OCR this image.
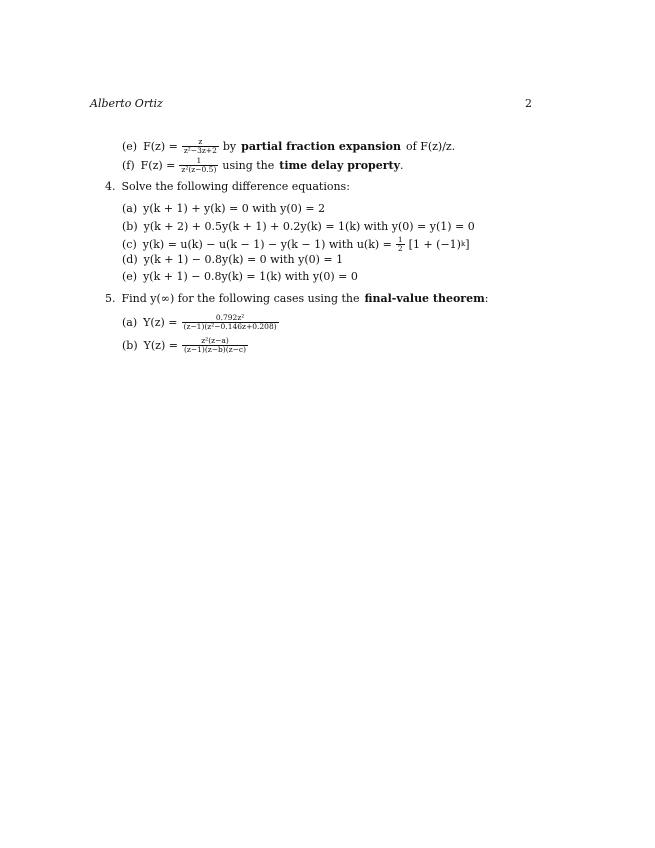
Alberto Ortiz	2
(e) $F(z) = \frac{z}{\text{z²−3z+2}}$ by partial fraction expansion of F(z)/z.
(f) $F(z) = \frac{1}{\text{z²(z−0.5)}}$ using the time delay property .
4. Solve the following difference equations:
(a) y(k + 1) + y(k) = 0 with y(0) = 2
(b) y(k + 2) + 0.5y(k + 1) + 0.2y(k) = 1(k) with y(0) = y(1) = 0
(c) y(k) = u(k) − u(k − 1) − y(k − 1) with $u(k) = \frac{1}{2} [1 + (-1)$ k ]
(d) y(k + 1) − 0.8y(k) = 0 with y(0) = 1
(e) y(k + 1) − 0.8y(k) = 1(k) with y(0) = 0
5. Find y(∞) for the following cases using the final-value theorem :
(a) $Y(z) = \frac{\text{0.792z²}}{\text{(z−1)(z²−0.146z+0.208)}}$
(b) $Y(z) = \frac{\text{z²(z−a)}}{(z-1)(z-b)(z-c)}$
